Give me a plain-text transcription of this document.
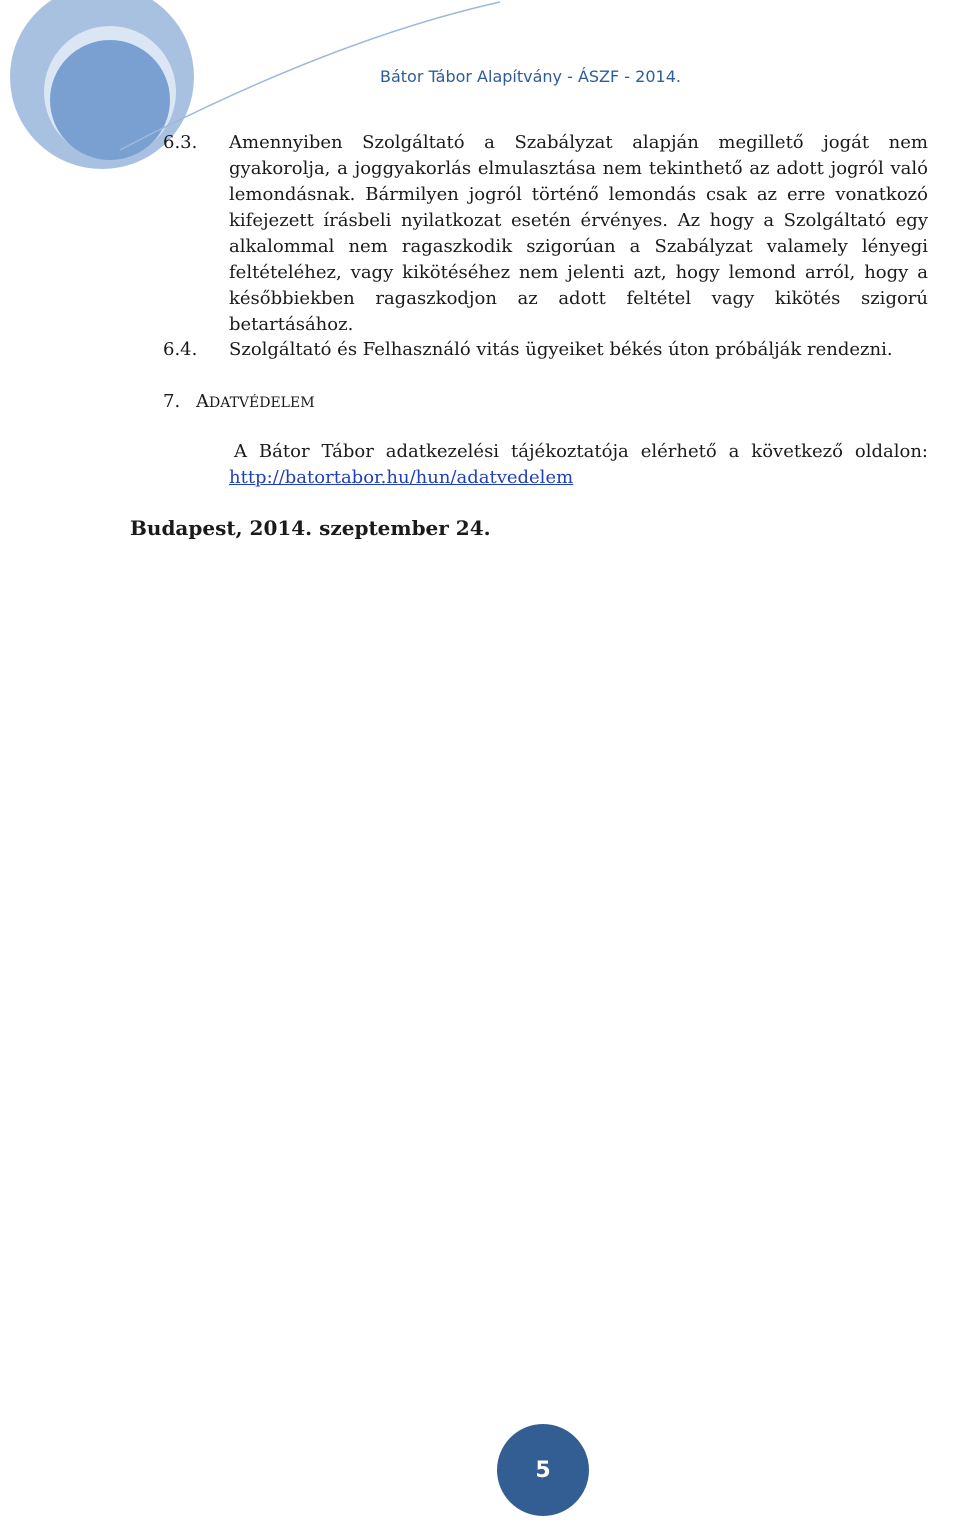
Bátor Tábor Alapítvány - ÁSZF - 2014.
6.3. Amennyiben Szolgáltató a Szabályzat alapján megillető jogát nem gyakorolja, a joggyakorlás elmulasztása nem tekinthető az adott jogról való lemondásnak. Bármilyen jogról történő lemondás csak az erre vonatkozó kifejezett írásbeli nyilatkozat esetén érvényes. Az hogy a Szolgáltató egy alkalommal nem ragaszkodik szigorúan a Szabályzat valamely lényegi feltételéhez, vagy kikötéséhez nem jelenti azt, hogy lemond arról, hogy a későbbiekben ragaszkodjon az adott feltétel vagy kikötés szigorú betartásához.
6.4. Szolgáltató és Felhasználó vitás ügyeiket békés úton próbálják rendezni.
7. ADATVÉDELEM
A Bátor Tábor adatkezelési tájékoztatója elérhető a következő oldalon: http://batortabor.hu/hun/adatvedelem
Budapest, 2014. szeptember 24.
5
